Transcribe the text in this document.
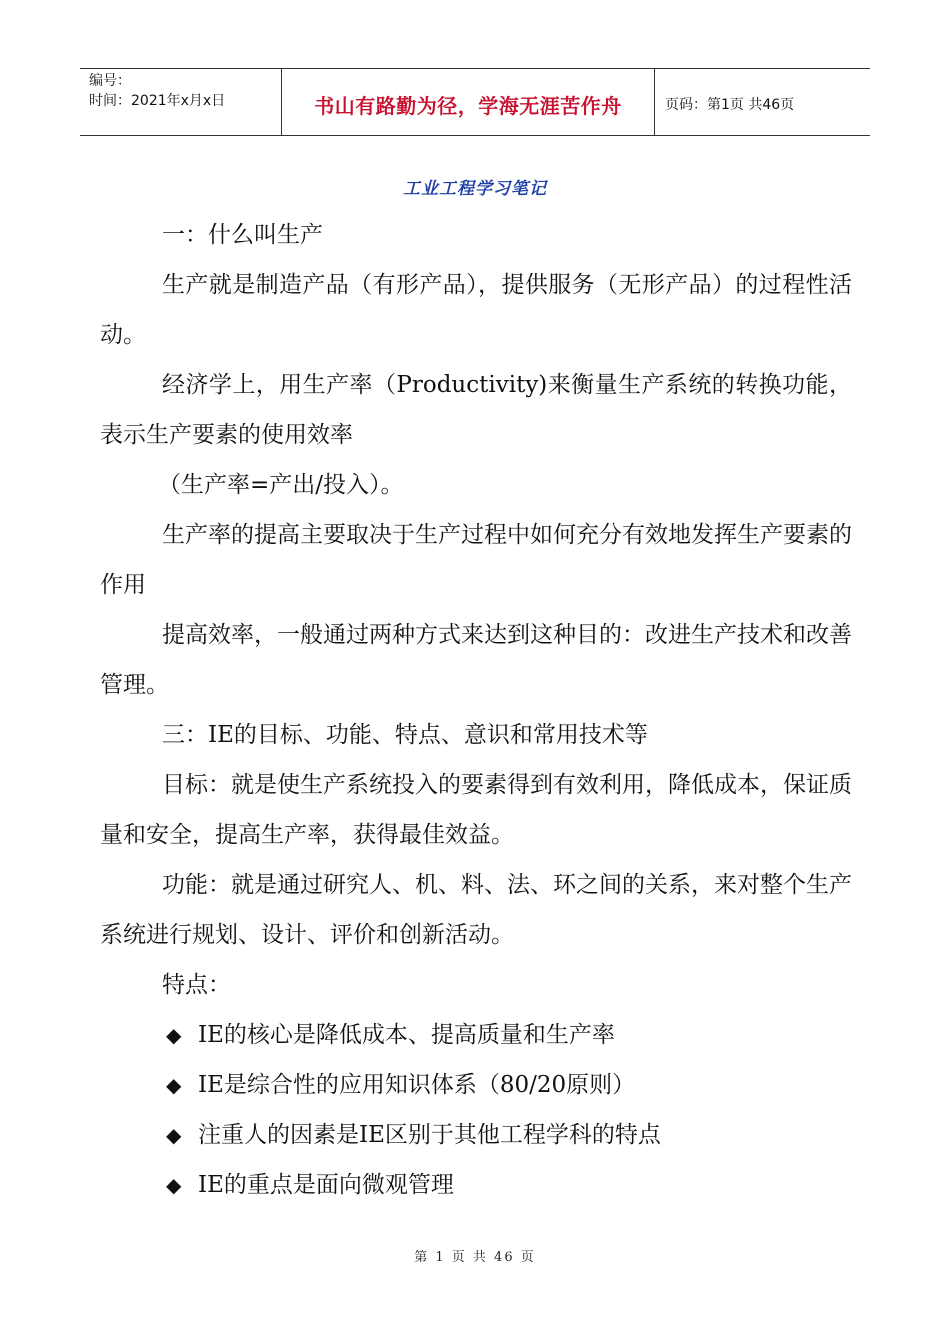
编号：
时间：2021年x月x日	书山有路勤为径，学海无涯苦作舟	页码：第1页 共46页
工业工程学习笔记

一：什么叫生产

生产就是制造产品（有形产品），提供服务（无形产品）的过程性活动。

经济学上，用生产率（Productivity)来衡量生产系统的转换功能，表示生产要素的使用效率

（生产率=产出/投入）。

生产率的提高主要取决于生产过程中如何充分有效地发挥生产要素的作用

提高效率，一般通过两种方式来达到这种目的：改进生产技术和改善管理。

三：IE的目标、功能、特点、意识和常用技术等

目标：就是使生产系统投入的要素得到有效利用，降低成本，保证质量和安全，提高生产率，获得最佳效益。

功能：就是通过研究人、机、料、法、环之间的关系，来对整个生产系统进行规划、设计、评价和创新活动。

特点：

◆ IE的核心是降低成本、提高质量和生产率
◆ IE是综合性的应用知识体系（80/20原则）
◆ 注重人的因素是IE区别于其他工程学科的特点
◆ IE的重点是面向微观管理
第 1 页 共 46 页
